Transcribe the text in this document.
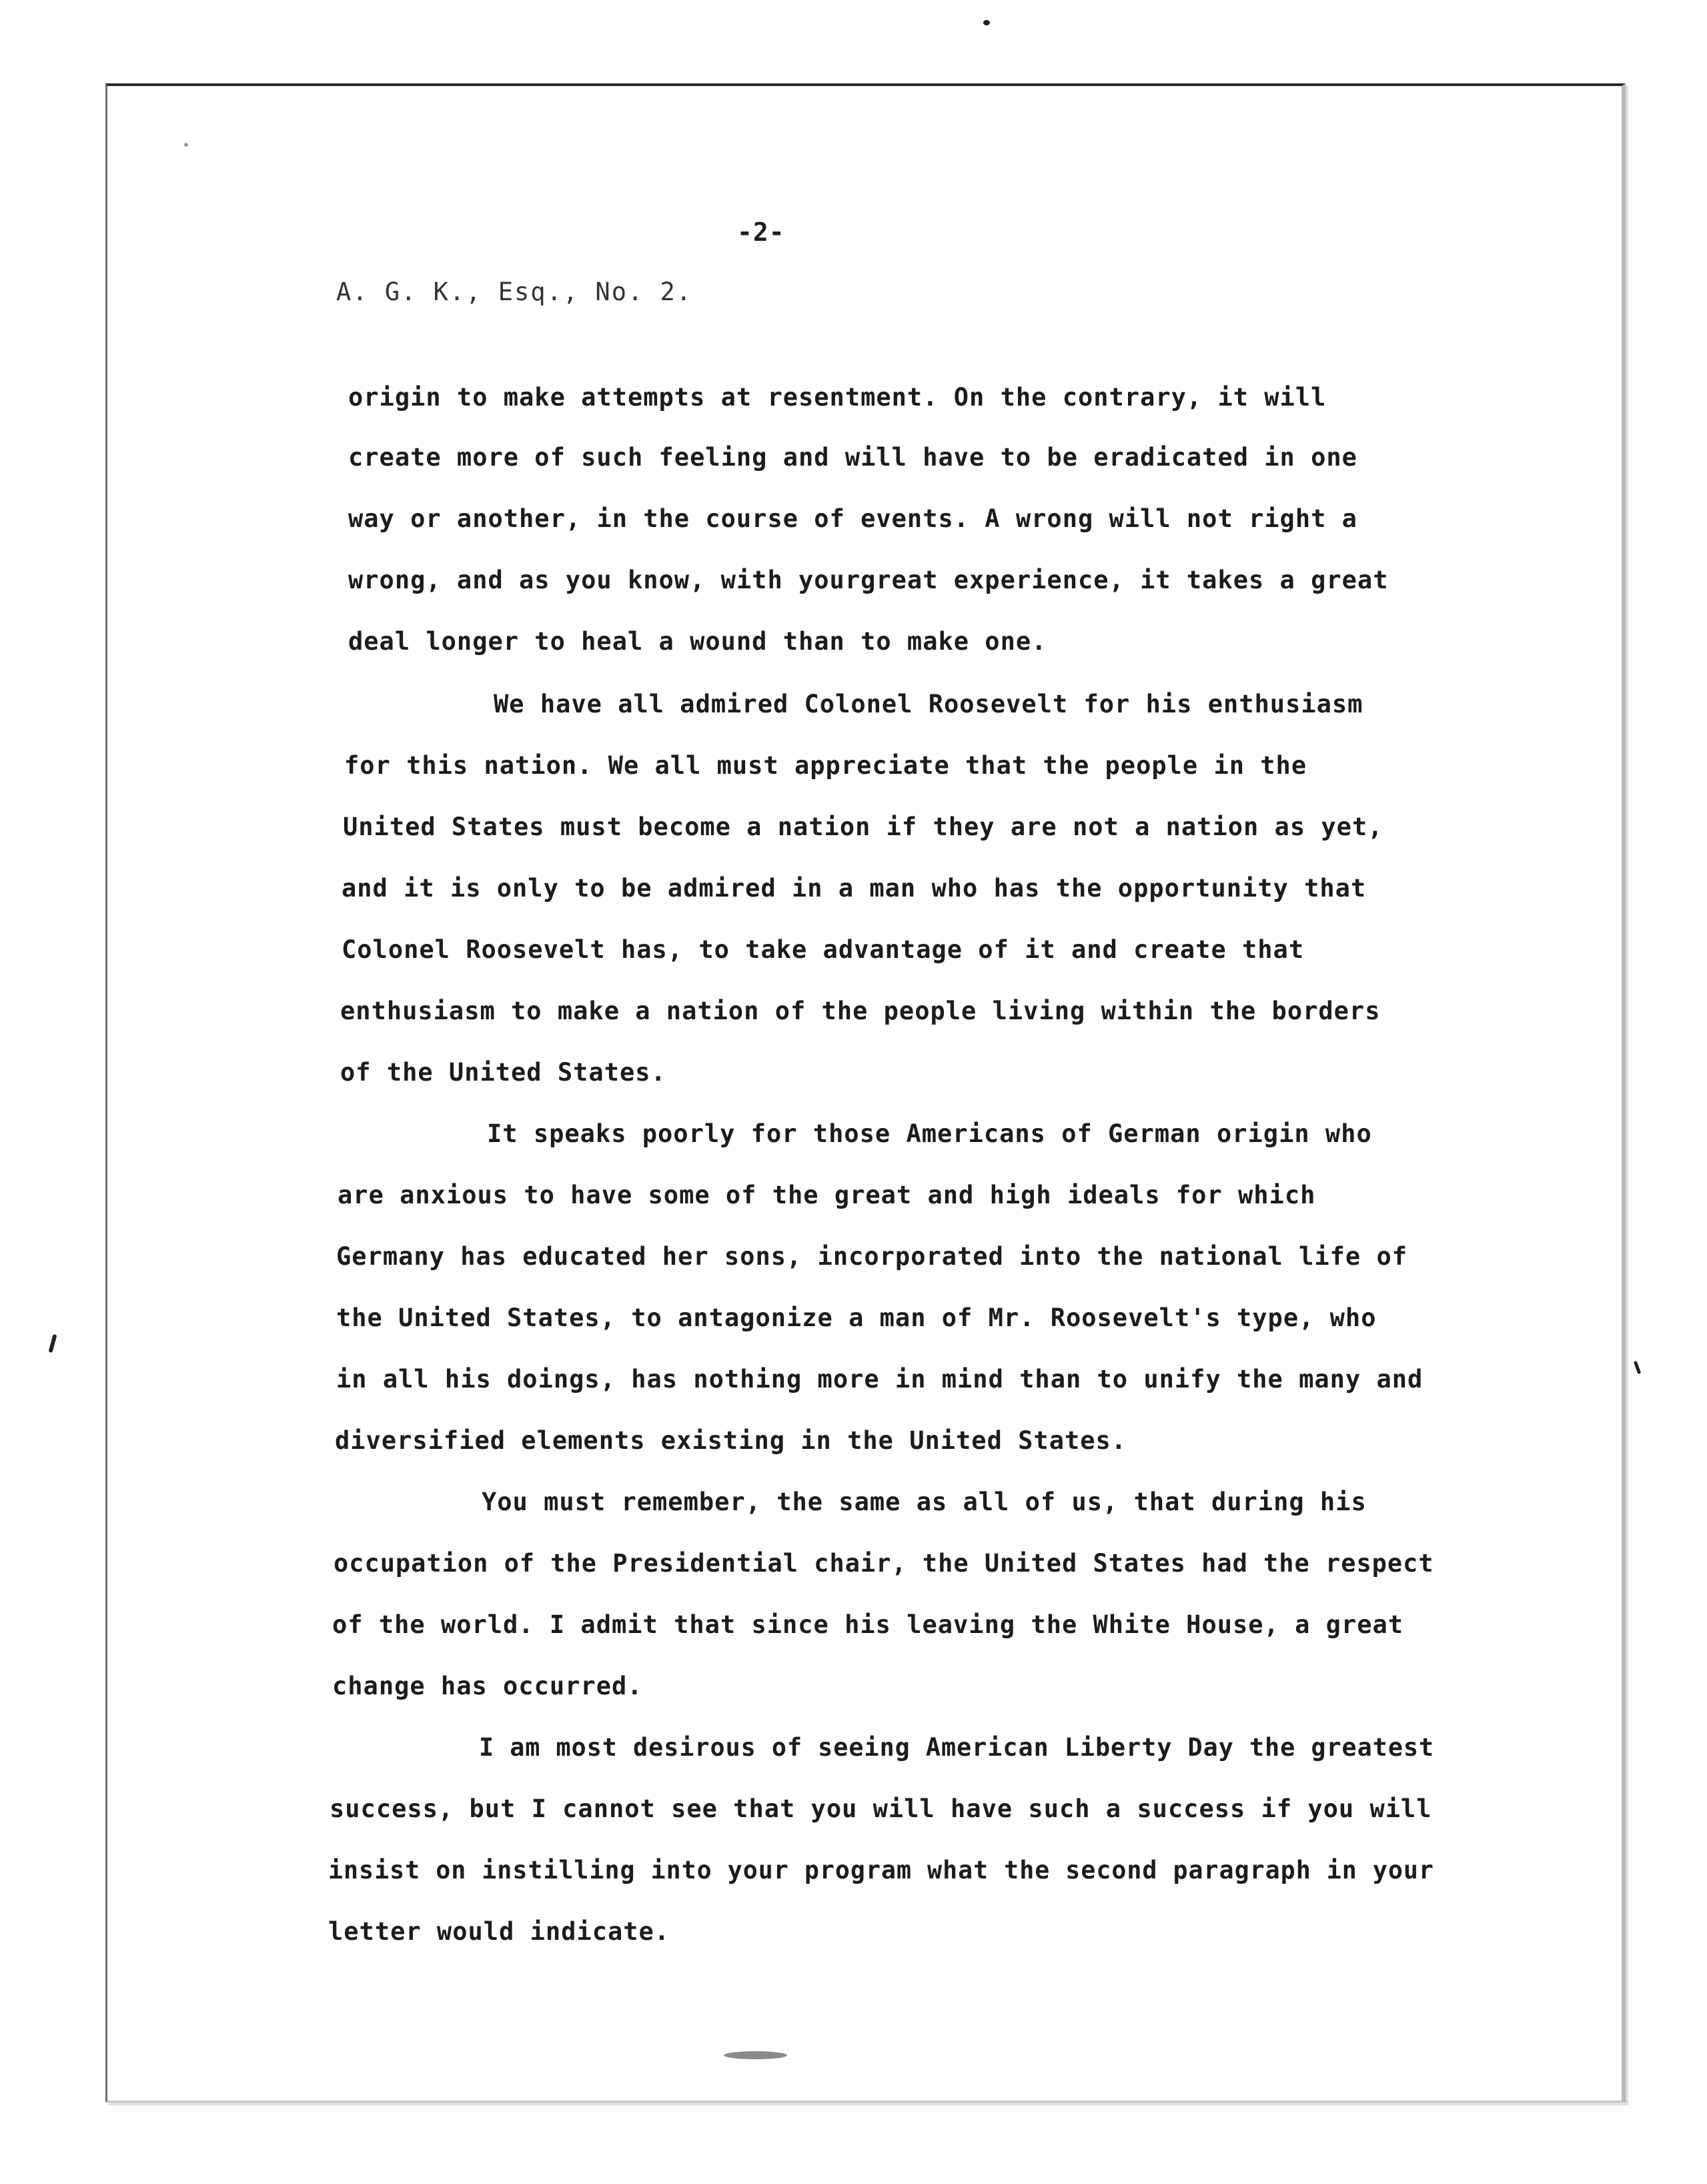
-2-
A. G. K., Esq., No. 2.
origin to make attempts at resentment. On the contrary, it will
create more of such feeling and will have to be eradicated in one
way or another, in the course of events. A wrong will not right a
wrong, and as you know, with yourgreat experience, it takes a great
deal longer to heal a wound than to make one.
We have all admired Colonel Roosevelt for his enthusiasm
for this nation. We all must appreciate that the people in the
United States must become a nation if they are not a nation as yet,
and it is only to be admired in a man who has the opportunity that
Colonel Roosevelt has, to take advantage of it and create that
enthusiasm to make a nation of the people living within the borders
of the United States.
It speaks poorly for those Americans of German origin who
are anxious to have some of the great and high ideals for which
Germany has educated her sons, incorporated into the national life of
the United States, to antagonize a man of Mr. Roosevelt's type, who
in all his doings, has nothing more in mind than to unify the many and
diversified elements existing in the United States.
You must remember, the same as all of us, that during his
occupation of the Presidential chair, the United States had the respect
of the world. I admit that since his leaving the White House, a great
change has occurred.
I am most desirous of seeing American Liberty Day the greatest
success, but I cannot see that you will have such a success if you will
insist on instilling into your program what the second paragraph in your
letter would indicate.
